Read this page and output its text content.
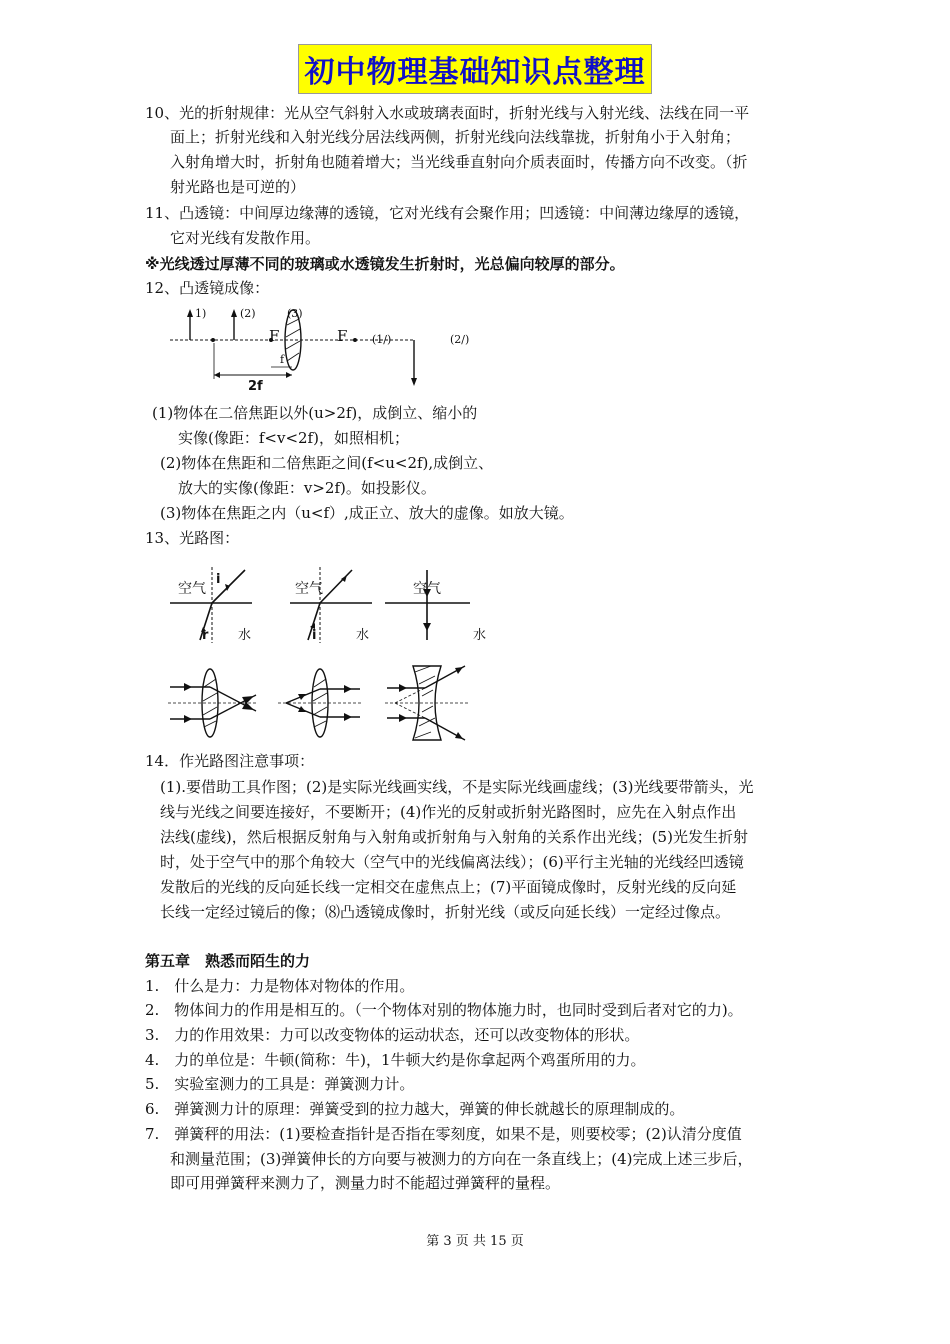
初中物理基础知识点整理
10、光的折射规律：光从空气斜射入水或玻璃表面时，折射光线与入射光线、法线在同一平
面上；折射光线和入射光线分居法线两侧，折射光线向法线靠拢，折射角小于入射角；
入射角增大时，折射角也随着增大；当光线垂直射向介质表面时，传播方向不改变。（折
射光路也是可逆的）
11、凸透镜：中间厚边缘薄的透镜，它对光线有会聚作用；凹透镜：中间薄边缘厚的透镜，
它对光线有发散作用。
※光线透过厚薄不同的玻璃或水透镜发生折射时，光总偏向较厚的部分。
12、凸透镜成像：
1)	(2)	(3)
F
f
F (1/)	(2/)
2f
(1)物体在二倍焦距以外(u>2f)，成倒立、缩小的
实像(像距：f<v<2f)，如照相机；
(2)物体在焦距和二倍焦距之间(f<u<2f),成倒立、
放大的实像(像距：v>2f)。如投影仪。
(3)物体在焦距之内（u<f）,成正立、放大的虚像。如放大镜。
13、光路图：
空气
i
r 水
空气
i	水
空气
水
14．作光路图注意事项：
(1).要借助工具作图；(2)是实际光线画实线，不是实际光线画虚线；(3)光线要带箭头，光
线与光线之间要连接好，不要断开；(4)作光的反射或折射光路图时，应先在入射点作出
法线(虚线)，然后根据反射角与入射角或折射角与入射角的关系作出光线；(5)光发生折射
时，处于空气中的那个角较大（空气中的光线偏离法线）；(6)平行主光轴的光线经凹透镜
发散后的光线的反向延长线一定相交在虚焦点上；(7)平面镜成像时，反射光线的反向延
长线一定经过镜后的像；⑻凸透镜成像时，折射光线（或反向延长线）一定经过像点。
第五章　熟悉而陌生的力
1.　什么是力：力是物体对物体的作用。
2.　物体间力的作用是相互的。（一个物体对别的物体施力时，也同时受到后者对它的力)。
3.　力的作用效果：力可以改变物体的运动状态，还可以改变物体的形状。
4.　力的单位是：牛顿(简称：牛)，1牛顿大约是你拿起两个鸡蛋所用的力。
5.　实验室测力的工具是：弹簧测力计。
6.　弹簧测力计的原理：弹簧受到的拉力越大，弹簧的伸长就越长的原理制成的。
7.　弹簧秤的用法：(1)要检查指针是否指在零刻度，如果不是，则要校零；(2)认清分度值
和测量范围；(3)弹簧伸长的方向要与被测力的方向在一条直线上；(4)完成上述三步后，
即可用弹簧秤来测力了，测量力时不能超过弹簧秤的量程。
第 3 页 共 15 页
